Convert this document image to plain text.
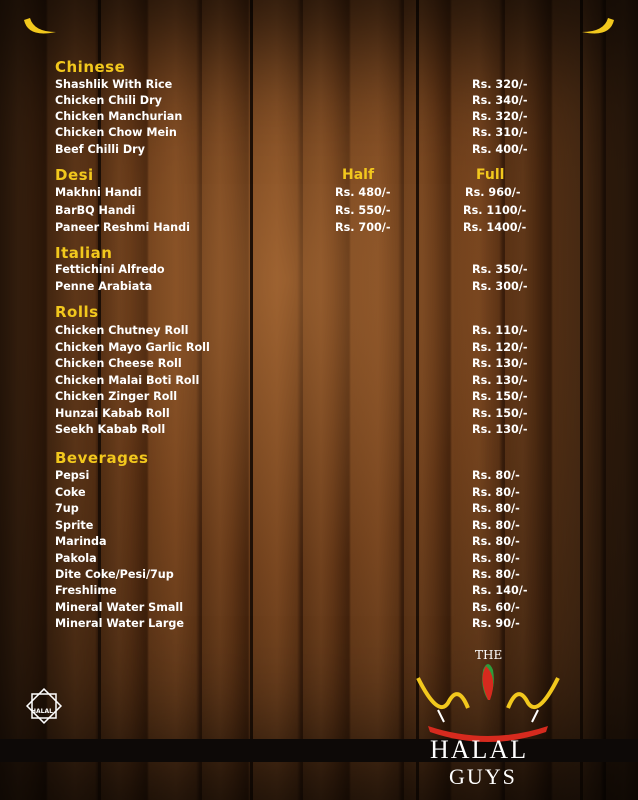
Chinese
Shashlik With Rice	Rs. 320/-
Chicken Chili Dry	Rs. 340/-
Chicken Manchurian	Rs. 320/-
Chicken Chow Mein	Rs. 310/-
Beef Chilli Dry	Rs. 400/-
Desi	Half	Full
Makhni Handi	Rs. 480/-	Rs. 960/-
BarBQ Handi	Rs. 550/-	Rs. 1100/-
Paneer Reshmi Handi	Rs. 700/-	Rs. 1400/-
Italian
Fettichini Alfredo	Rs. 350/-
Penne Arabiata	Rs. 300/-
Rolls
Chicken Chutney Roll	Rs. 110/-
Chicken Mayo Garlic Roll	Rs. 120/-
Chicken Cheese Roll	Rs. 130/-
Chicken Malai Boti Roll	Rs. 130/-
Chicken Zinger Roll	Rs. 150/-
Hunzai Kabab Roll	Rs. 150/-
Seekh Kabab Roll	Rs. 130/-
Beverages
Pepsi	Rs. 80/-
Coke	Rs. 80/-
7up	Rs. 80/-
Sprite	Rs. 80/-
Marinda	Rs. 80/-
Pakola	Rs. 80/-
Dite Coke/Pesi/7up	Rs. 80/-
Freshlime	Rs. 140/-
Mineral Water Small	Rs. 60/-
Mineral Water Large	Rs. 90/-
HALAL
THE
HALAL
GUYS
